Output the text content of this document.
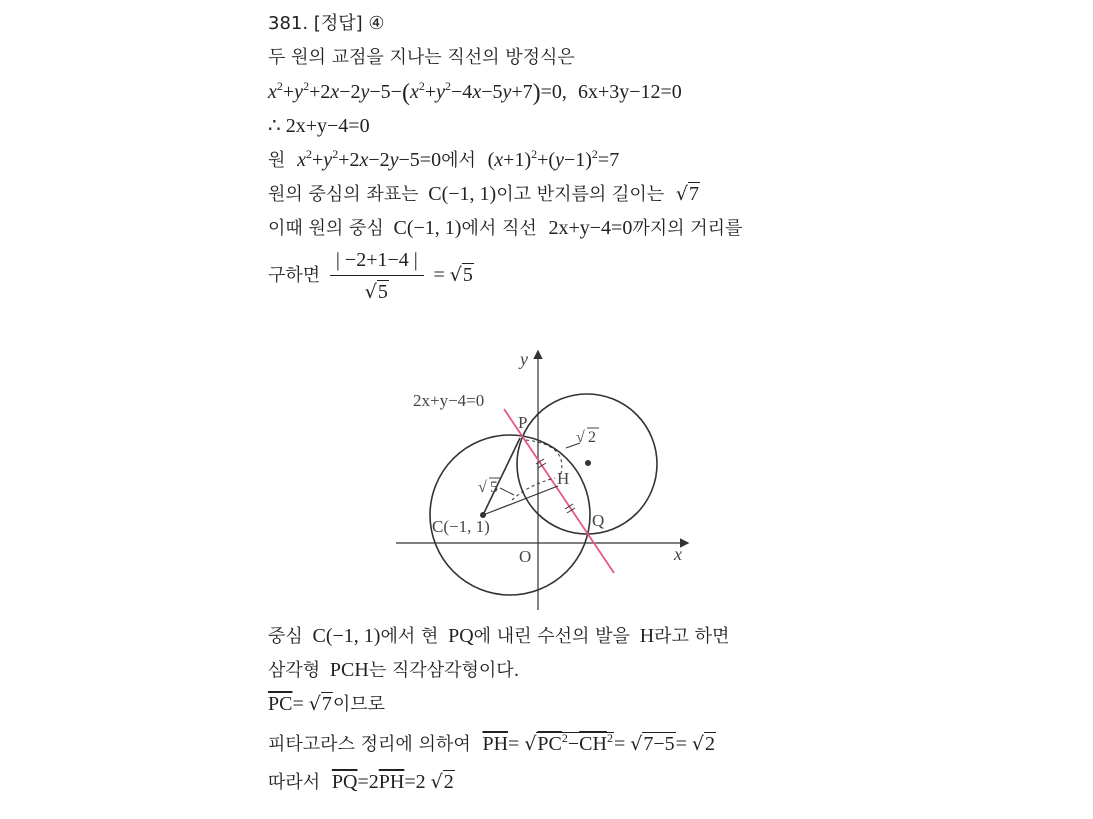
381. [정답] ④
두 원의 교점을 지나는 직선의 방정식은
$x^2+y^2+2x-2y-5-(x^2+y^2-4x-5y+7)=0$, 6x+3y−12=0
∴ 2x+y−4=0
원 $x^2+y^2+2x-2y-5=0$에서 $(x+1)^2+(y-1)^2=7$
원의 중심의 좌표는 C(−1, 1)이고 반지름의 길이는 √7
이때 원의 중심 C(−1, 1)에서 직선 2x+y−4=0까지의 거리를
구하면 $\frac{| -2+1-4 |}{√5} = √5$
2x+y−4=0
y
x
O
P
Q
H
C(−1, 1)
√ 5
√ 2
중심 C(−1, 1)에서 현 PQ에 내린 수선의 발을 H라고 하면
삼각형 PCH는 직각삼각형이다.
$\overline{PC}= √7$이므로
피타고라스 정리에 의하여 $\overline{PH}= √PC^2-\overline{CH}^2= √7-5= √2$
따라서 $\overline{PQ}=2\overline{PH}=2$ √2
